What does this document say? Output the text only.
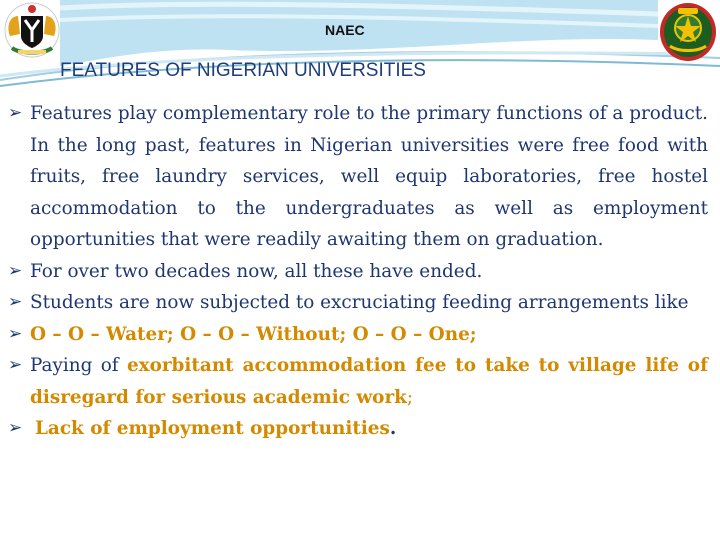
NAEC
FEATURES OF NIGERIAN UNIVERSITIES
➢ Features play complementary role to the primary functions of a product. In the long past, features in Nigerian universities were free food with fruits, free laundry services, well equip laboratories, free hostel accommodation to the undergraduates as well as employment opportunities that were readily awaiting them on graduation.
➢ For over two decades now, all these have ended.
➢ Students are now subjected to excruciating feeding arrangements like
➢ O – O – Water; O – O – Without; O – O – One;
➢ Paying of exorbitant accommodation fee to take to village life of disregard for serious academic work;
➢ Lack of employment opportunities.
